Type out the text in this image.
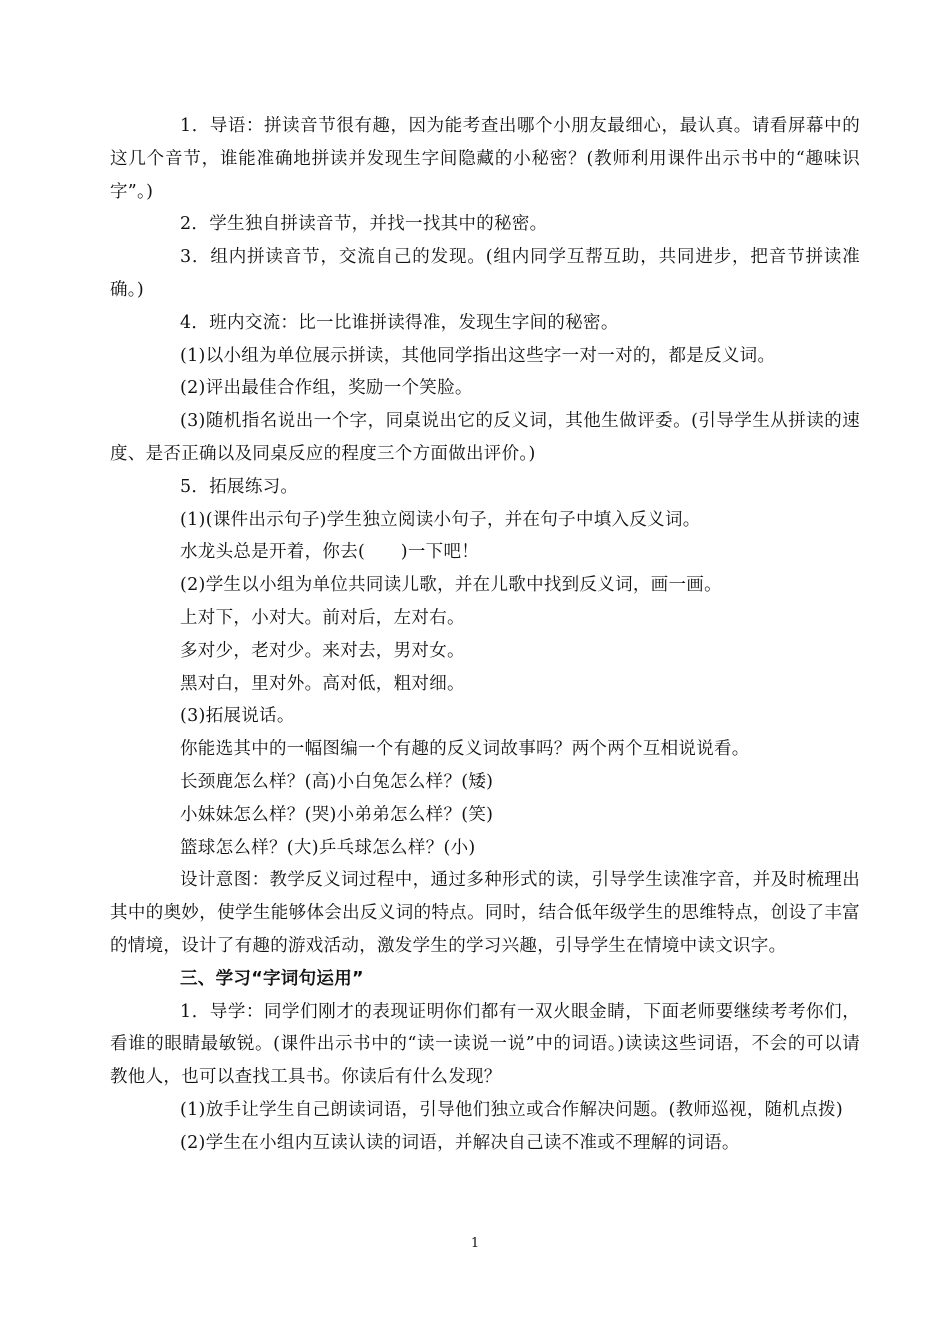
1．导语：拼读音节很有趣，因为能考查出哪个小朋友最细心，最认真。请看屏幕中的这几个音节，谁能准确地拼读并发现生字间隐藏的小秘密？(教师利用课件出示书中的“趣味识字”。)

2．学生独自拼读音节，并找一找其中的秘密。

3．组内拼读音节，交流自己的发现。(组内同学互帮互助，共同进步，把音节拼读准确。)

4．班内交流：比一比谁拼读得准，发现生字间的秘密。

(1)以小组为单位展示拼读，其他同学指出这些字一对一对的，都是反义词。

(2)评出最佳合作组，奖励一个笑脸。

(3)随机指名说出一个字，同桌说出它的反义词，其他生做评委。(引导学生从拼读的速度、是否正确以及同桌反应的程度三个方面做出评价。)

5．拓展练习。

(1)(课件出示句子)学生独立阅读小句子，并在句子中填入反义词。

水龙头总是开着，你去(　　)一下吧！

(2)学生以小组为单位共同读儿歌，并在儿歌中找到反义词，画一画。

上对下，小对大。前对后，左对右。

多对少，老对少。来对去，男对女。

黑对白，里对外。高对低，粗对细。

(3)拓展说话。

你能选其中的一幅图编一个有趣的反义词故事吗？两个两个互相说说看。

长颈鹿怎么样？(高)小白兔怎么样？(矮)

小妹妹怎么样？(哭)小弟弟怎么样？(笑)

篮球怎么样？(大)乒乓球怎么样？(小)

设计意图：教学反义词过程中，通过多种形式的读，引导学生读准字音，并及时梳理出其中的奥妙，使学生能够体会出反义词的特点。同时，结合低年级学生的思维特点，创设了丰富的情境，设计了有趣的游戏活动，激发学生的学习兴趣，引导学生在情境中读文识字。

三、学习“字词句运用”

1．导学：同学们刚才的表现证明你们都有一双火眼金睛，下面老师要继续考考你们，看谁的眼睛最敏锐。(课件出示书中的“读一读说一说”中的词语。)读读这些词语，不会的可以请教他人，也可以查找工具书。你读后有什么发现？

(1)放手让学生自己朗读词语，引导他们独立或合作解决问题。(教师巡视，随机点拨)

(2)学生在小组内互读认读的词语，并解决自己读不准或不理解的词语。

1
